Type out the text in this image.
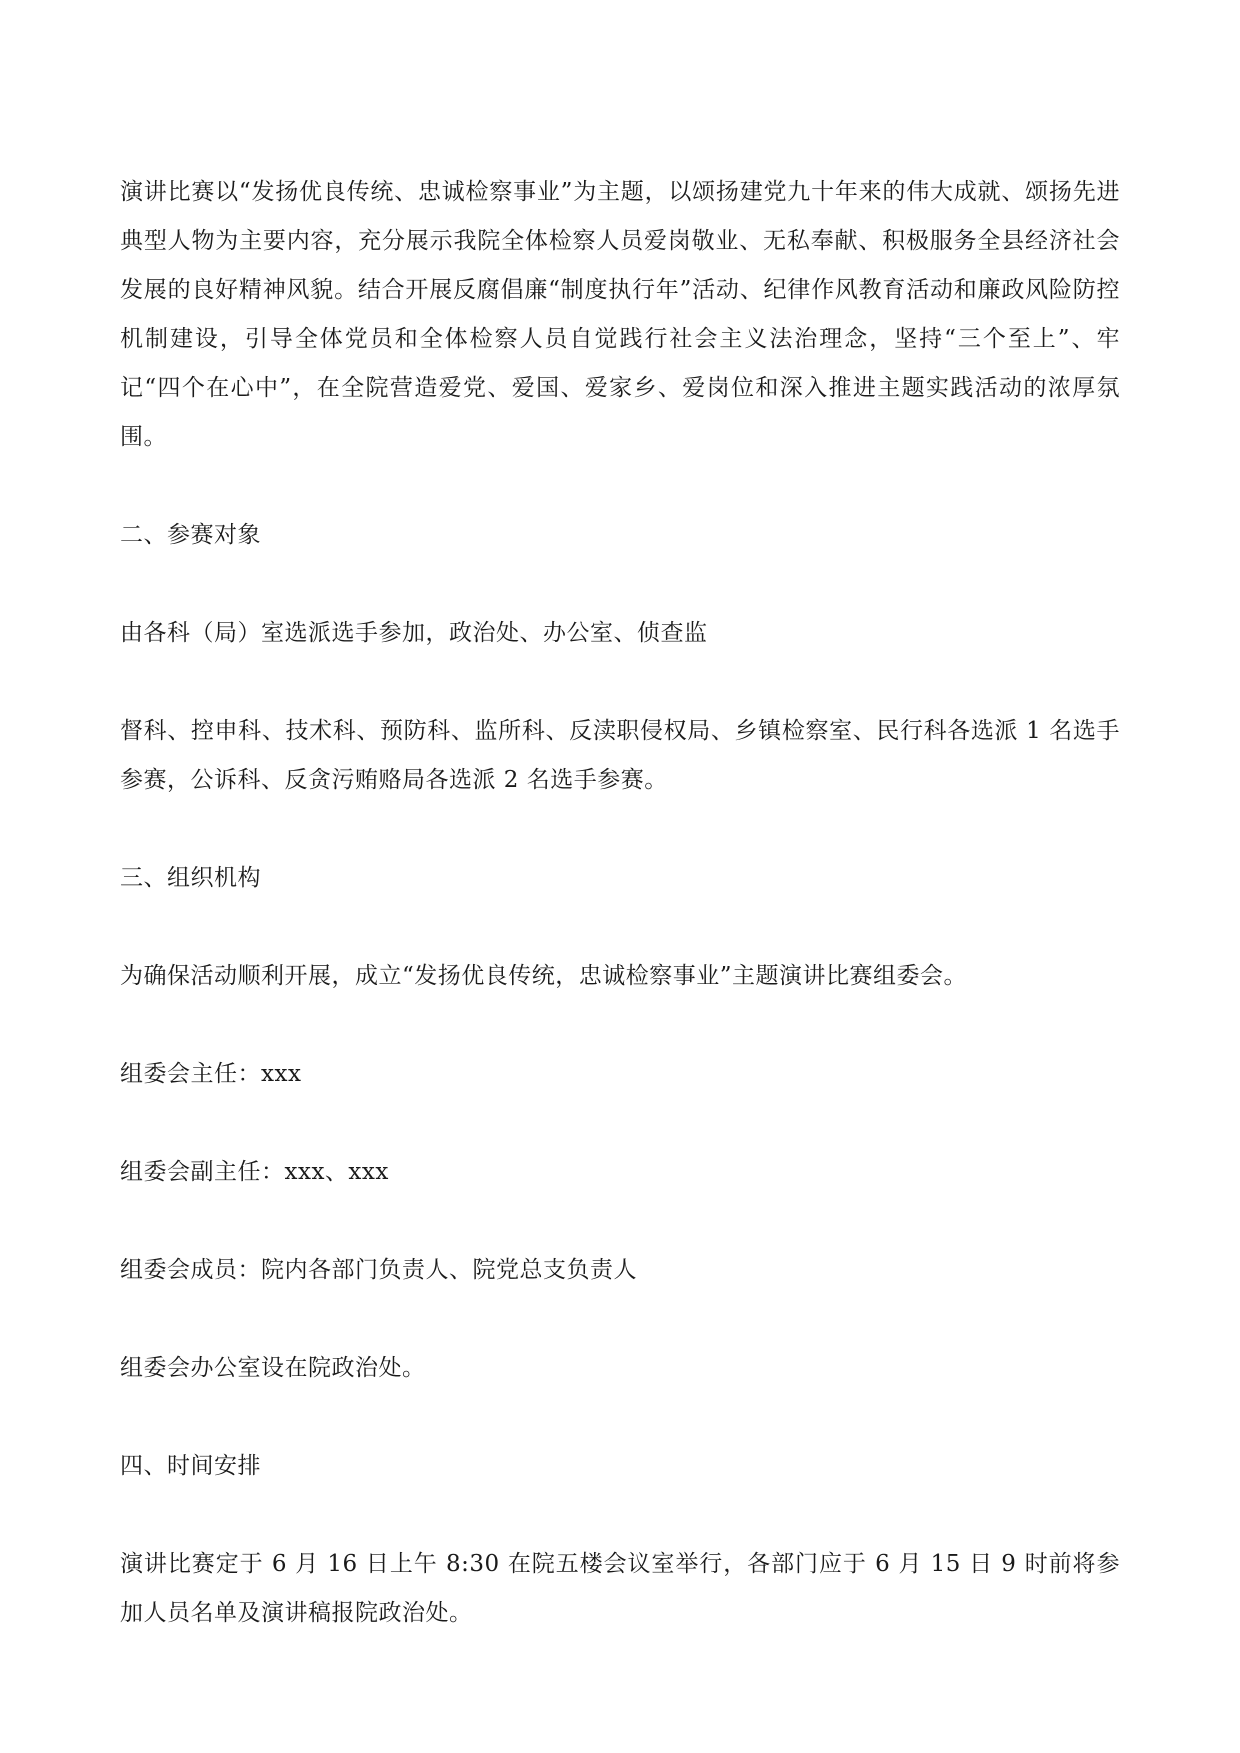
演讲比赛以“发扬优良传统、忠诚检察事业”为主题，以颂扬建党九十年来的伟大成就、颂扬先进典型人物为主要内容，充分展示我院全体检察人员爱岗敬业、无私奉献、积极服务全县经济社会发展的良好精神风貌。结合开展反腐倡廉“制度执行年”活动、纪律作风教育活动和廉政风险防控机制建设，引导全体党员和全体检察人员自觉践行社会主义法治理念，坚持“三个至上”、牢记“四个在心中”，在全院营造爱党、爱国、爱家乡、爱岗位和深入推进主题实践活动的浓厚氛围。

二、参赛对象

由各科（局）室选派选手参加，政治处、办公室、侦查监

督科、控申科、技术科、预防科、监所科、反渎职侵权局、乡镇检察室、民行科各选派 1 名选手参赛，公诉科、反贪污贿赂局各选派 2 名选手参赛。

三、组织机构

为确保活动顺利开展，成立“发扬优良传统，忠诚检察事业”主题演讲比赛组委会。

组委会主任：xxx

组委会副主任：xxx、xxx

组委会成员：院内各部门负责人、院党总支负责人

组委会办公室设在院政治处。

四、时间安排

演讲比赛定于 6 月 16 日上午 8:30 在院五楼会议室举行，各部门应于 6 月 15 日 9 时前将参加人员名单及演讲稿报院政治处。
